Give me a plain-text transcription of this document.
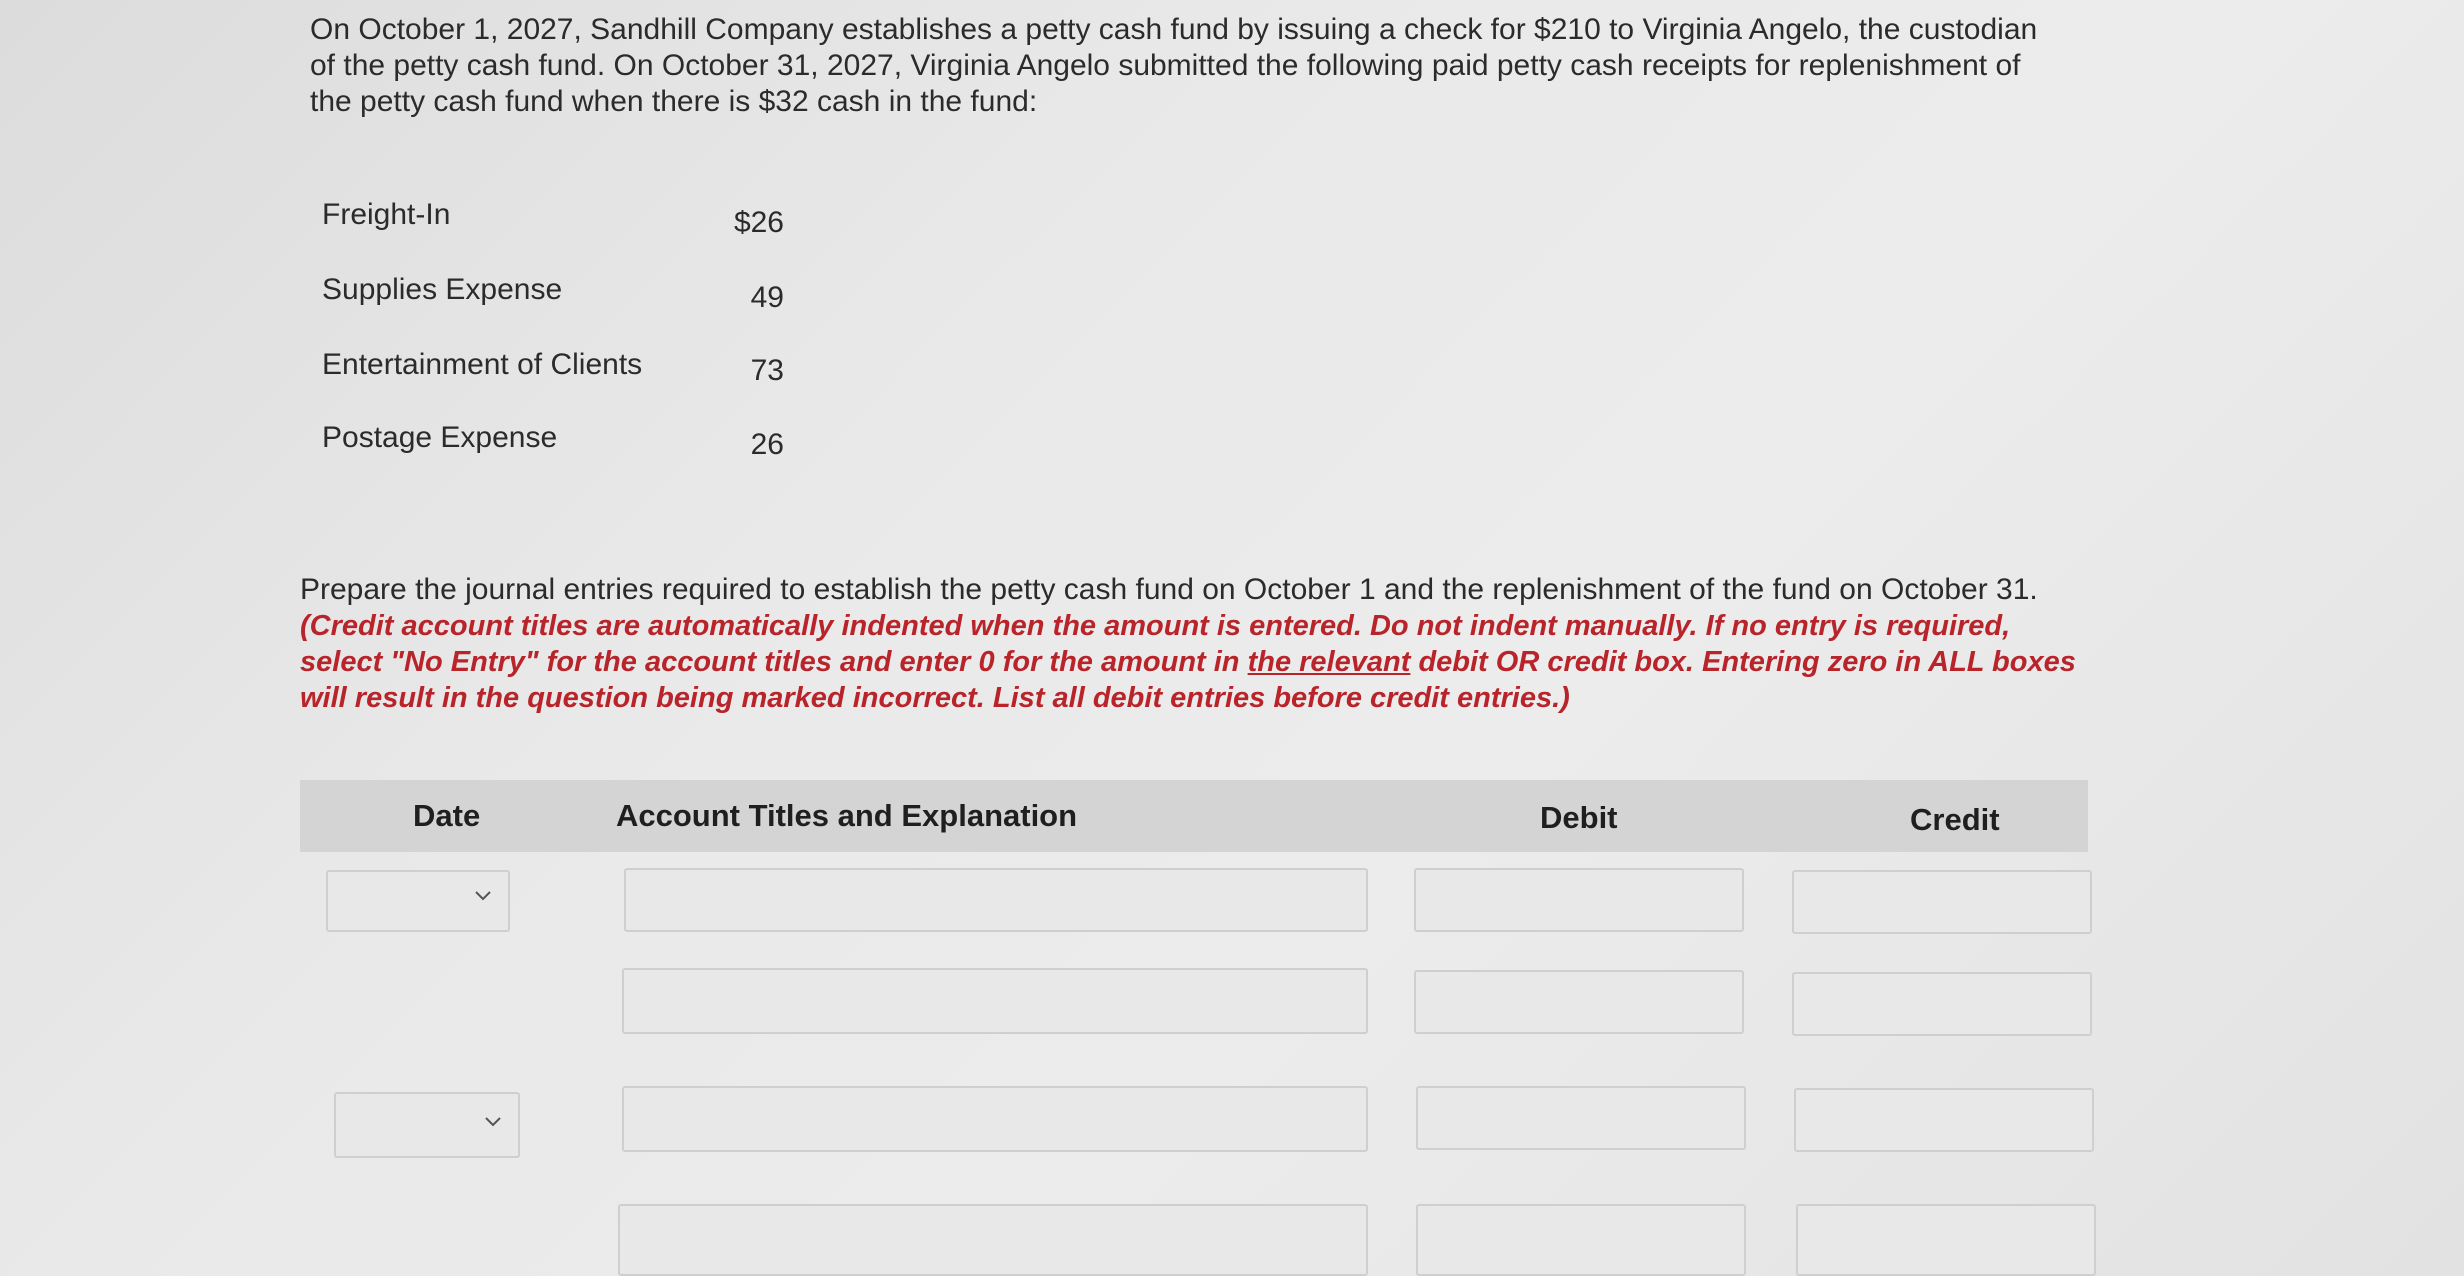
On October 1, 2027, Sandhill Company establishes a petty cash fund by issuing a check for $210 to Virginia Angelo, the custodian of the petty cash fund. On October 31, 2027, Virginia Angelo submitted the following paid petty cash receipts for replenishment of the petty cash fund when there is $32 cash in the fund:
Freight-In	$26
Supplies Expense	49
Entertainment of Clients	73
Postage Expense	26
Prepare the journal entries required to establish the petty cash fund on October 1 and the replenishment of the fund on October 31. (Credit account titles are automatically indented when the amount is entered. Do not indent manually. If no entry is required, select "No Entry" for the account titles and enter 0 for the amount in the relevant debit OR credit box. Entering zero in ALL boxes will result in the question being marked incorrect. List all debit entries before credit entries.)
Date	Account Titles and Explanation	Debit	Credit
